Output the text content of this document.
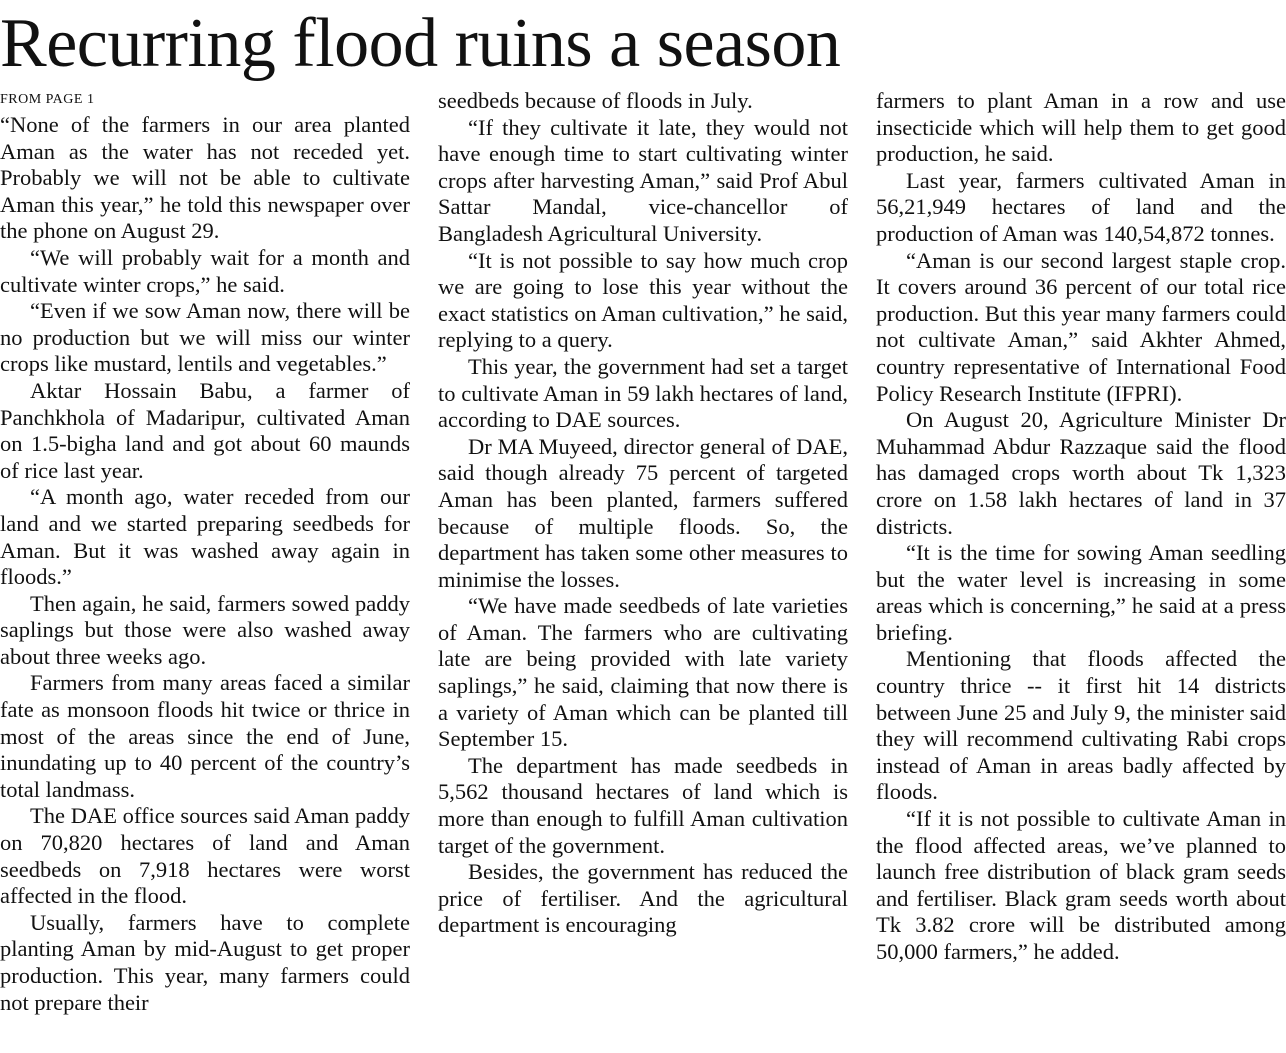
Recurring flood ruins a season
FROM PAGE 1

“None of the farmers in our area planted Aman as the water has not receded yet. Probably we will not be able to cultivate Aman this year,” he told this newspaper over the phone on August 29.

“We will probably wait for a month and cultivate winter crops,” he said.

“Even if we sow Aman now, there will be no production but we will miss our winter crops like mustard, lentils and vegetables.”

Aktar Hossain Babu, a farmer of Panchkhola of Madaripur, cultivated Aman on 1.5-bigha land and got about 60 maunds of rice last year.

“A month ago, water receded from our land and we started preparing seedbeds for Aman. But it was washed away again in floods.”

Then again, he said, farmers sowed paddy saplings but those were also washed away about three weeks ago.

Farmers from many areas faced a similar fate as monsoon floods hit twice or thrice in most of the areas since the end of June, inundating up to 40 percent of the country’s total landmass.

The DAE office sources said Aman paddy on 70,820 hectares of land and Aman seedbeds on 7,918 hectares were worst affected in the flood.

Usually, farmers have to complete planting Aman by mid-August to get proper production. This year, many farmers could not prepare their

seedbeds because of floods in July.

“If they cultivate it late, they would not have enough time to start cultivating winter crops after harvesting Aman,” said Prof Abul Sattar Mandal, vice-chancellor of Bangladesh Agricultural University.

“It is not possible to say how much crop we are going to lose this year without the exact statistics on Aman cultivation,” he said, replying to a query.

This year, the government had set a target to cultivate Aman in 59 lakh hectares of land, according to DAE sources.

Dr MA Muyeed, director general of DAE, said though already 75 percent of targeted Aman has been planted, farmers suffered because of multiple floods. So, the department has taken some other measures to minimise the losses.

“We have made seedbeds of late varieties of Aman. The farmers who are cultivating late are being provided with late variety saplings,” he said, claiming that now there is a variety of Aman which can be planted till September 15.

The department has made seedbeds in 5,562 thousand hectares of land which is more than enough to fulfill Aman cultivation target of the government.

Besides, the government has reduced the price of fertiliser. And the agricultural department is encouraging

farmers to plant Aman in a row and use insecticide which will help them to get good production, he said.

Last year, farmers cultivated Aman in 56,21,949 hectares of land and the production of Aman was 140,54,872 tonnes.

“Aman is our second largest staple crop. It covers around 36 percent of our total rice production. But this year many farmers could not cultivate Aman,” said Akhter Ahmed, country representative of International Food Policy Research Institute (IFPRI).

On August 20, Agriculture Minister Dr Muhammad Abdur Razzaque said the flood has damaged crops worth about Tk 1,323 crore on 1.58 lakh hectares of land in 37 districts.

“It is the time for sowing Aman seedling but the water level is increasing in some areas which is concerning,” he said at a press briefing.

Mentioning that floods affected the country thrice -- it first hit 14 districts between June 25 and July 9, the minister said they will recommend cultivating Rabi crops instead of Aman in areas badly affected by floods.

“If it is not possible to cultivate Aman in the flood affected areas, we’ve planned to launch free distribution of black gram seeds and fertiliser. Black gram seeds worth about Tk 3.82 crore will be distributed among 50,000 farmers,” he added.
